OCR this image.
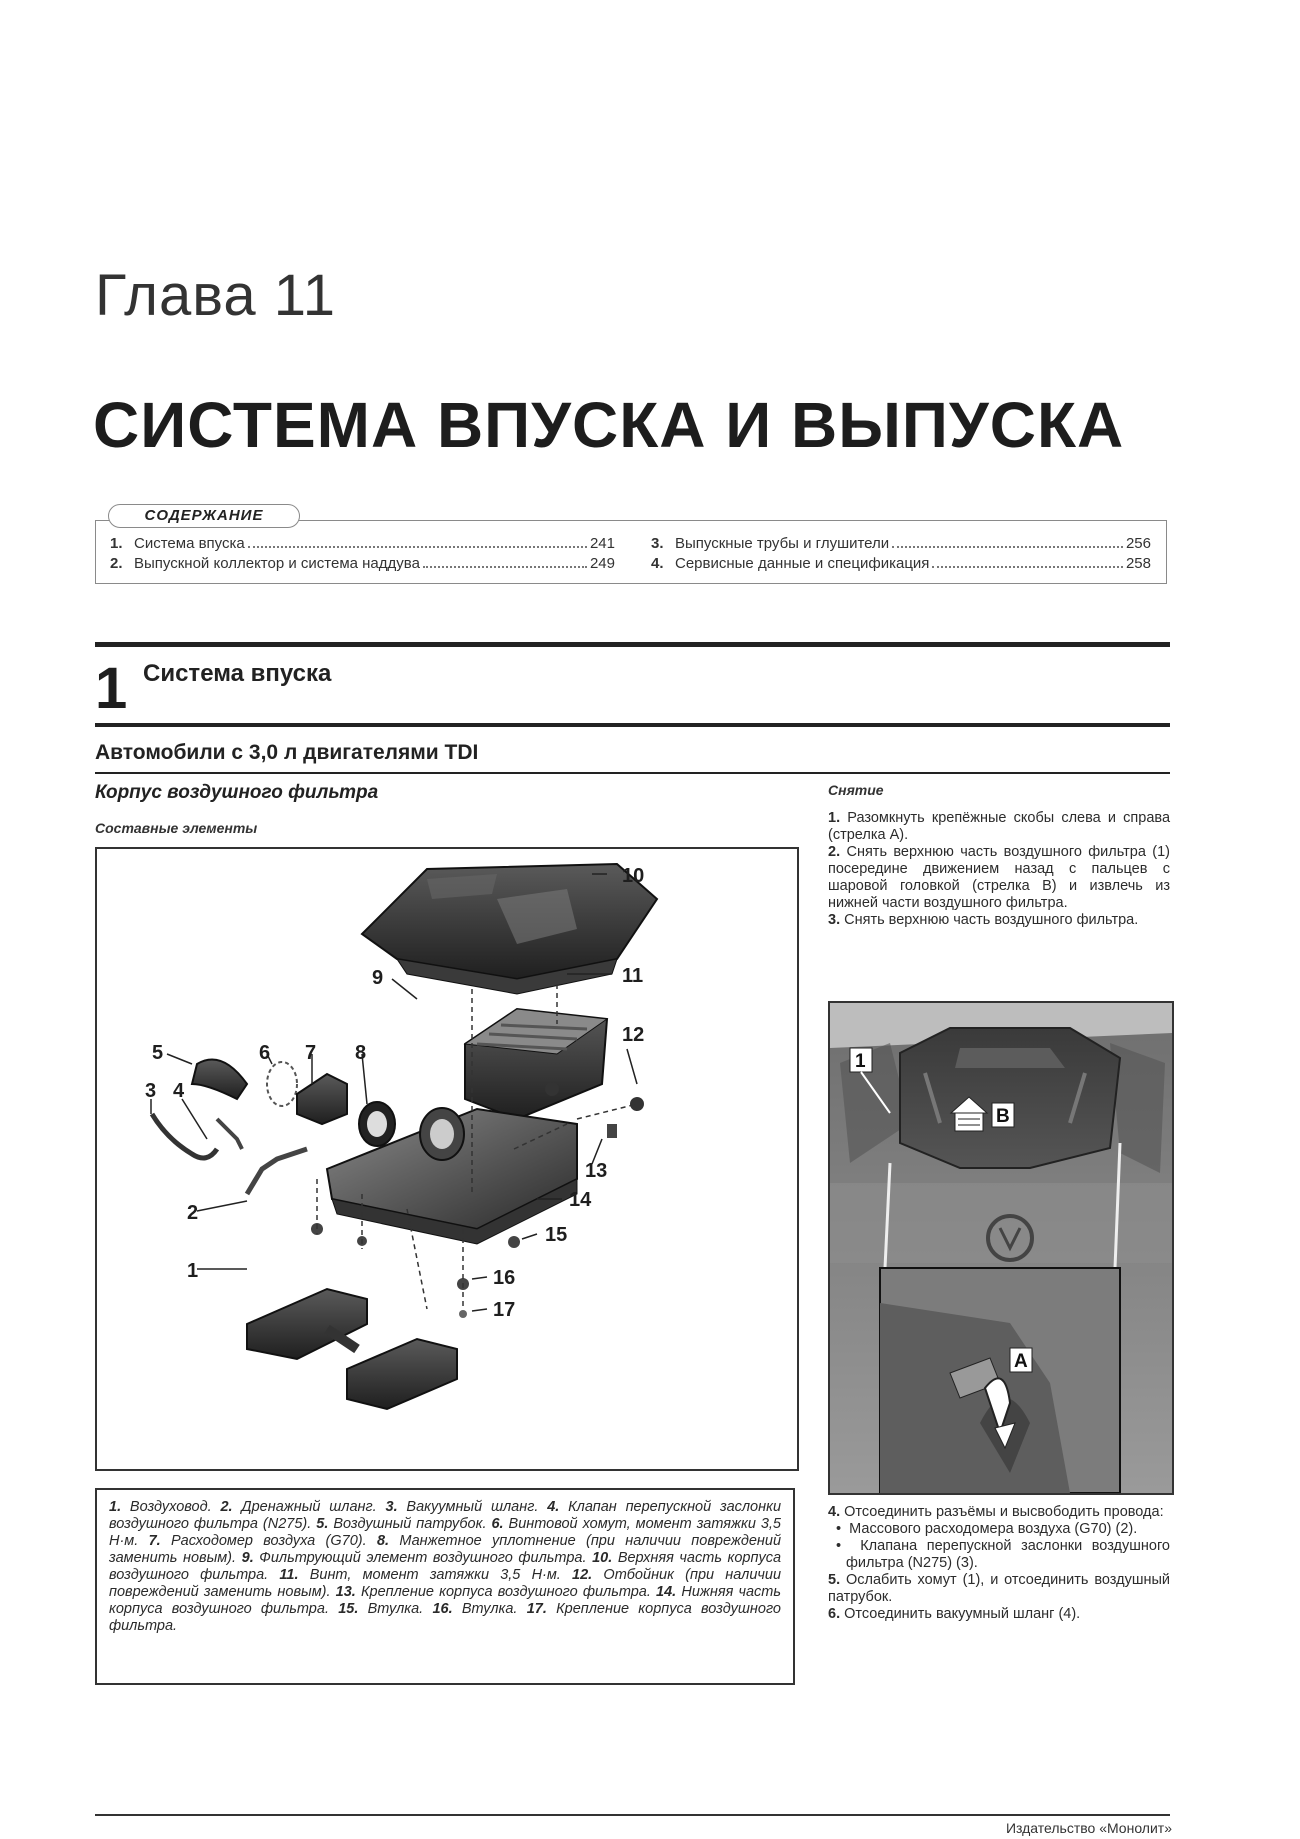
Глава 11
СИСТЕМА ВПУСКА И ВЫПУСКА
1. Система впуска	241
2. Выпускной коллектор и система наддува	249
3. Выпускные трубы и глушители	256
4. Сервисные данные и спецификация	258
СОДЕРЖАНИЕ
1 Система впуска
Автомобили с 3,0 л двигателями TDI
Корпус воздушного фильтра
Составные элементы
10
11
9
5	6 7 8
12
3 4
13
14
2
15
1	16
17
1. Воздуховод. 2. Дренажный шланг. 3. Вакуумный шланг. 4. Клапан перепускной заслонки воздушного фильтра (N275). 5. Воздушный патрубок. 6. Винтовой хомут, момент затяжки 3,5 Н·м. 7. Расходомер воздуха (G70). 8. Манжетное уплотнение (при наличии повреждений заменить новым). 9. Фильтрующий элемент воздушного фильтра. 10. Верхняя часть корпуса воздушного фильтра. 11. Винт, момент затяжки 3,5 Н·м. 12. Отбойник (при наличии повреждений заменить новым). 13. Крепление корпуса воздушного фильтра. 14. Нижняя часть корпуса воздушного фильтра. 15. Втулка. 16. Втулка. 17. Крепление корпуса воздушного фильтра.
Снятие

1. Разомкнуть крепёжные скобы слева и справа (стрелка A).

2. Снять верхнюю часть воздушного фильтра (1) посередине движением назад с пальцев с шаровой головкой (стрелка B) и извлечь из нижней части воздушного фильтра.

3. Снять верхнюю часть воздушного фильтра.

B
1
A

4. Отсоединить разъёмы и высвободить провода:

•  Массового расходомера воздуха (G70) (2).

•  Клапана перепускной заслонки воздушного фильтра (N275) (3).

5. Ослабить хомут (1), и отсоединить воздушный патрубок.

6. Отсоединить вакуумный шланг (4).

Издательство «Монолит»
